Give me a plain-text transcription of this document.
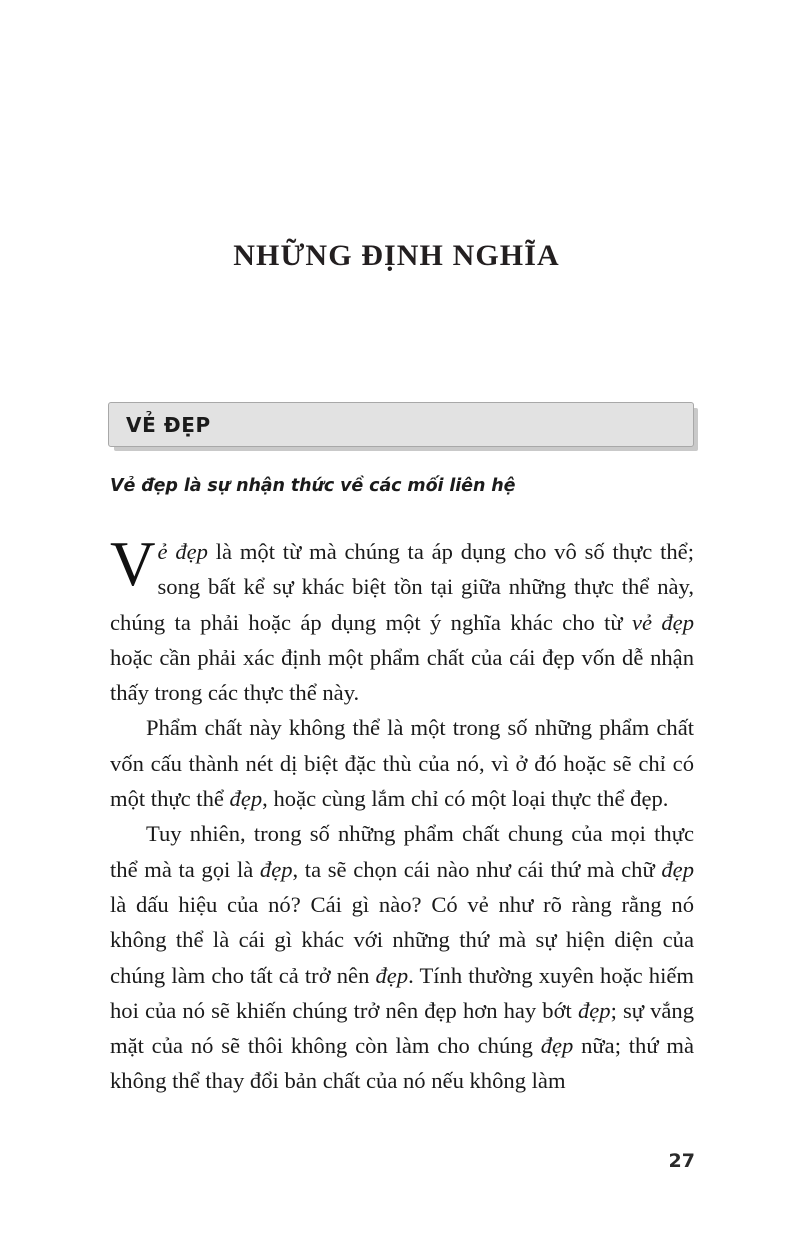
NHỮNG ĐỊNH NGHĨA
VẺ ĐẸP
Vẻ đẹp là sự nhận thức về các mối liên hệ

Vẻ đẹp là một từ mà chúng ta áp dụng cho vô số thực thể; song bất kể sự khác biệt tồn tại giữa những thực thể này, chúng ta phải hoặc áp dụng một ý nghĩa khác cho từ vẻ đẹp hoặc cần phải xác định một phẩm chất của cái đẹp vốn dễ nhận thấy trong các thực thể này.

Phẩm chất này không thể là một trong số những phẩm chất vốn cấu thành nét dị biệt đặc thù của nó, vì ở đó hoặc sẽ chỉ có một thực thể đẹp, hoặc cùng lắm chỉ có một loại thực thể đẹp.

Tuy nhiên, trong số những phẩm chất chung của mọi thực thể mà ta gọi là đẹp, ta sẽ chọn cái nào như cái thứ mà chữ đẹp là dấu hiệu của nó? Cái gì nào? Có vẻ như rõ ràng rằng nó không thể là cái gì khác với những thứ mà sự hiện diện của chúng làm cho tất cả trở nên đẹp. Tính thường xuyên hoặc hiếm hoi của nó sẽ khiến chúng trở nên đẹp hơn hay bớt đẹp; sự vắng mặt của nó sẽ thôi không còn làm cho chúng đẹp nữa; thứ mà không thể thay đổi bản chất của nó nếu không làm

27
